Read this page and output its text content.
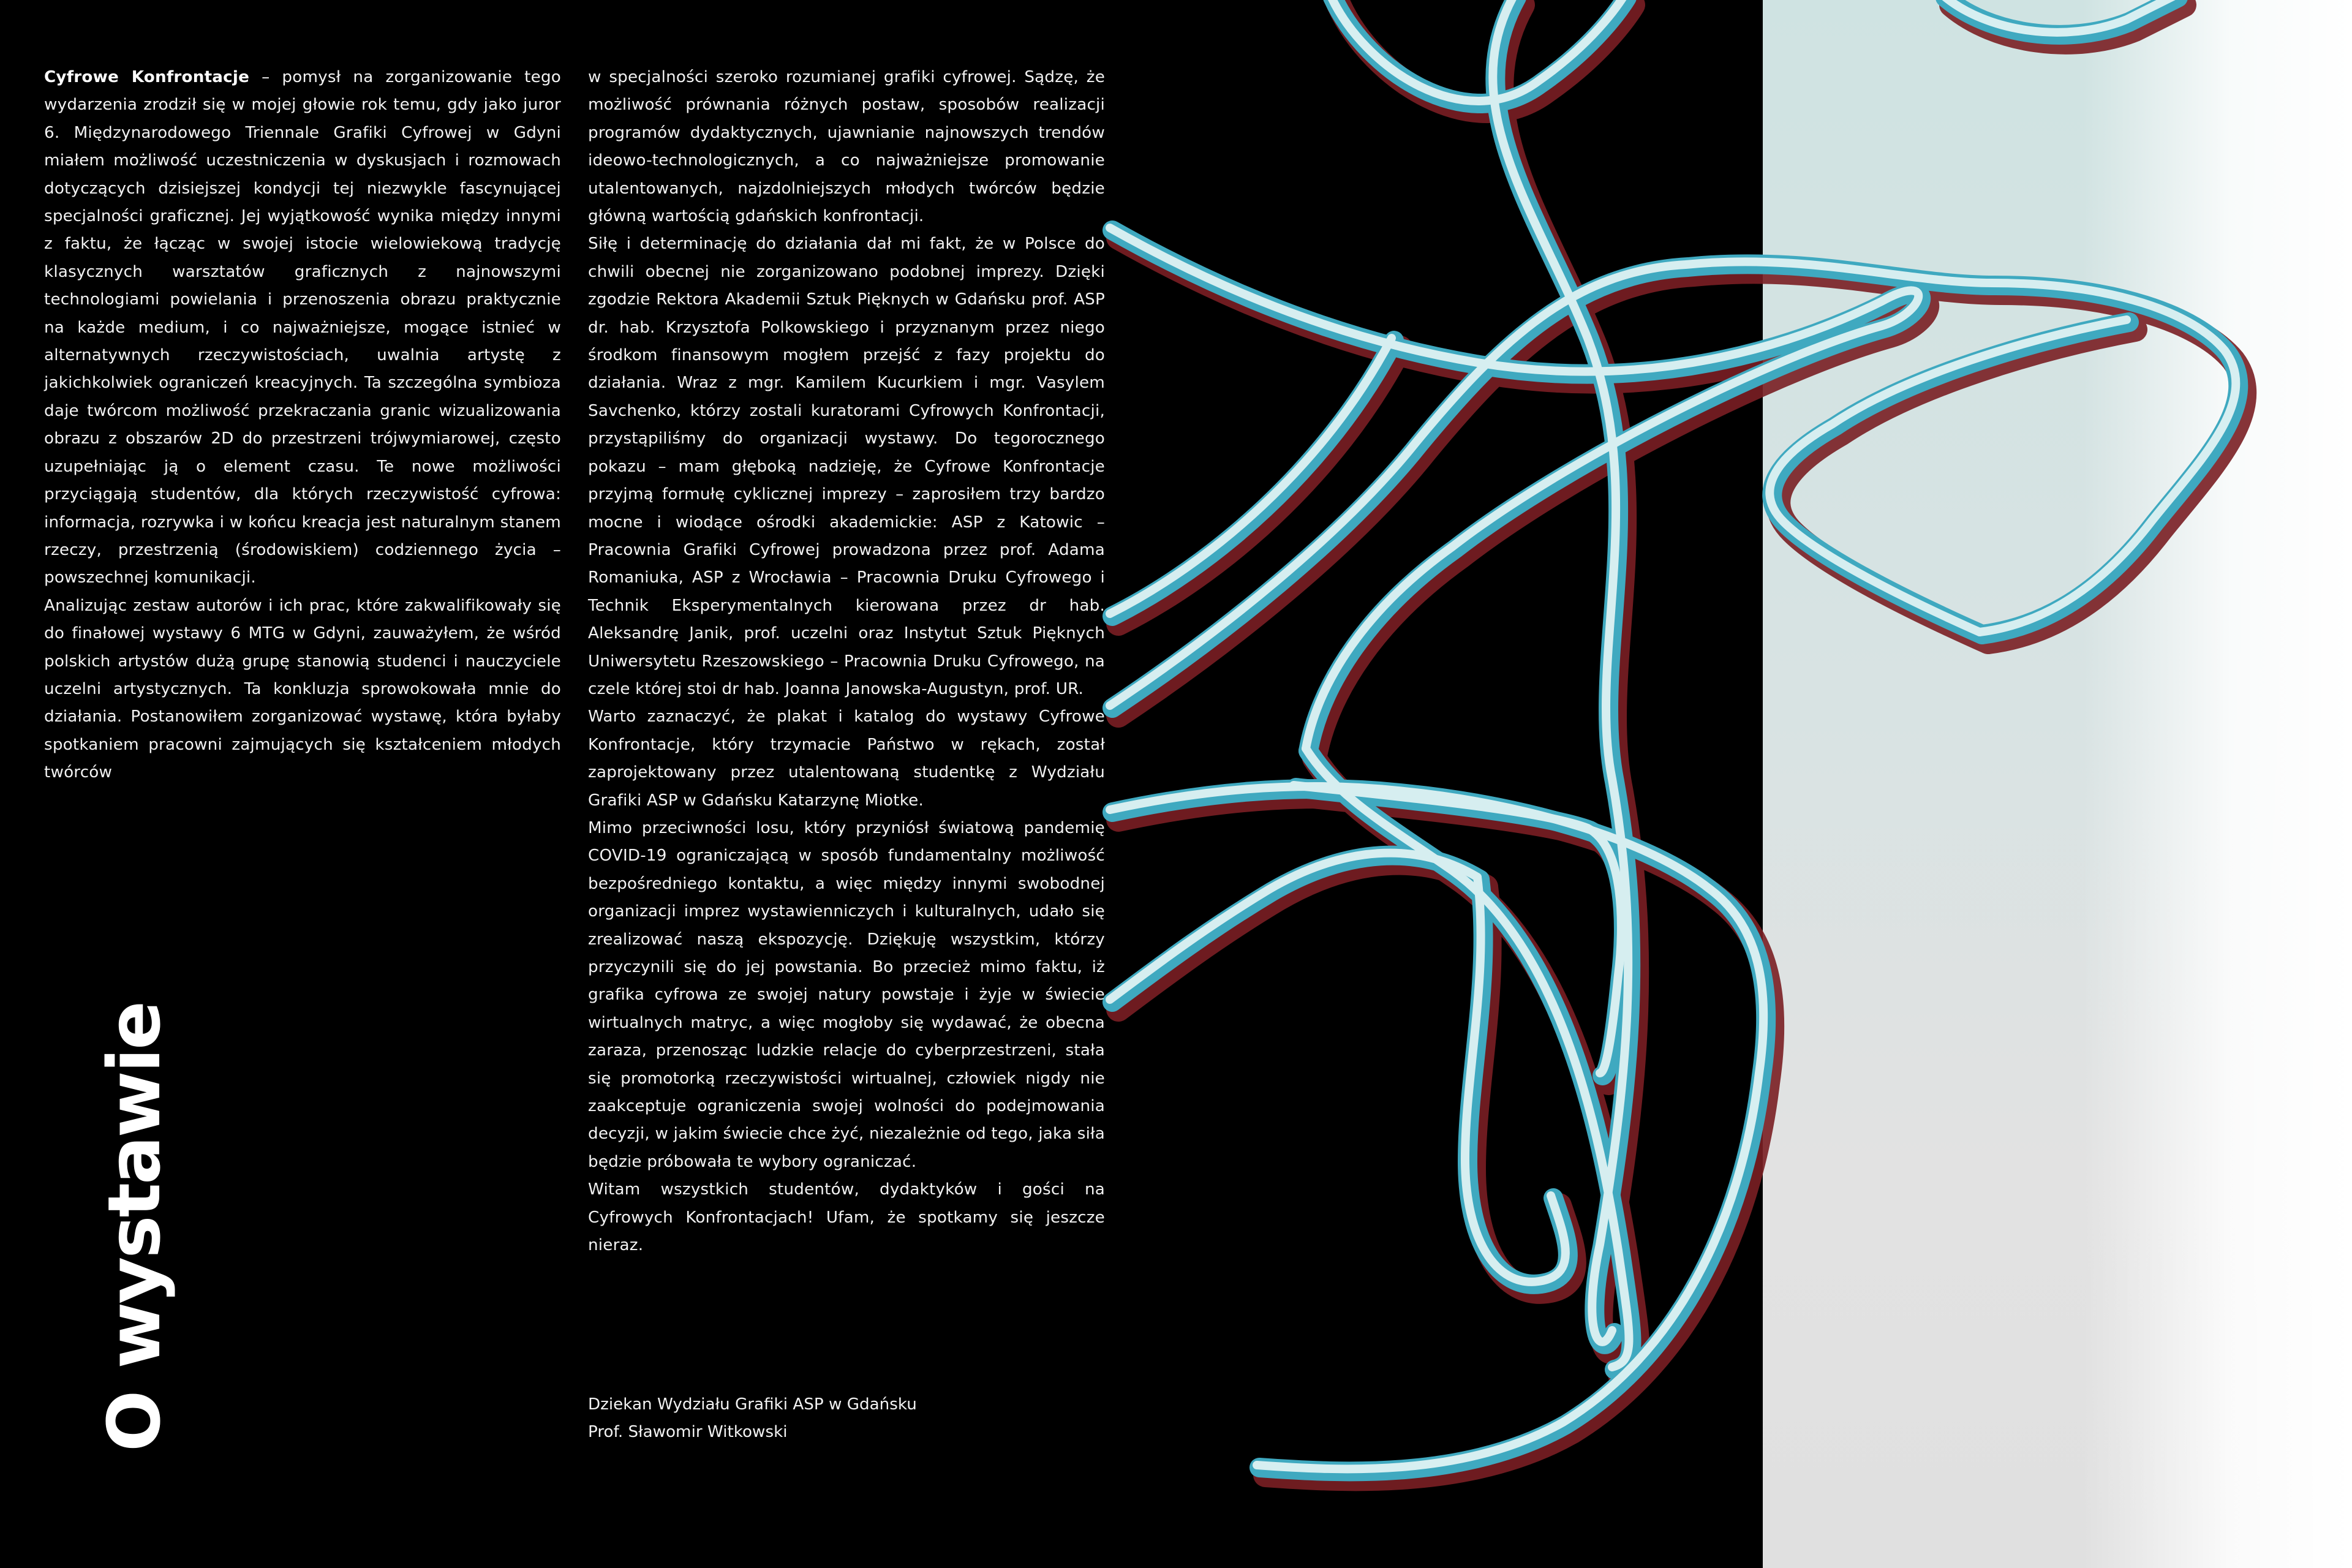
Cyfrowe Konfrontacje – pomysł na zorganizowanie tego wydarzenia zrodził się w mojej głowie rok temu, gdy jako juror 6. Międzynarodowego Triennale Grafiki Cyfrowej w Gdyni miałem możliwość uczestniczenia w dyskusjach i rozmowach dotyczących dzisiejszej kondycji tej niezwykle fascynującej specjalności graficznej. Jej wyjątkowość wynika między innymi z faktu, że łącząc w swojej istocie wielowiekową tradycję klasycznych warsztatów graficznych z najnowszymi technologiami powielania i przenoszenia obrazu praktycznie na każde medium, i co najważniejsze, mogące istnieć w alternatywnych rzeczywistościach, uwalnia artystę z jakichkolwiek ograniczeń kreacyjnych. Ta szczególna symbioza daje twórcom możliwość przekraczania granic wizualizowania obrazu z obszarów 2D do przestrzeni trójwymiarowej, często uzupełniając ją o element czasu. Te nowe możliwości przyciągają studentów, dla których rzeczywistość cyfrowa: informacja, rozrywka i w końcu kreacja jest naturalnym stanem rzeczy, przestrzenią (środowiskiem) codziennego życia – powszechnej komunikacji.

Analizując zestaw autorów i ich prac, które zakwalifikowały się do finałowej wystawy 6 MTG w Gdyni, zauważyłem, że wśród polskich artystów dużą grupę stanowią studenci i nauczyciele uczelni artystycznych. Ta konkluzja sprowokowała mnie do działania. Postanowiłem zorganizować wystawę, która byłaby spotkaniem pracowni zajmujących się kształceniem młodych twórców

w specjalności szeroko rozumianej grafiki cyfrowej. Sądzę, że możliwość prównania różnych postaw, sposobów realizacji programów dydaktycznych, ujawnianie najnowszych trendów ideowo-technologicznych, a co najważniejsze promowanie utalentowanych, najzdolniejszych młodych twórców będzie główną wartością gdańskich konfrontacji.

Siłę i determinację do działania dał mi fakt, że w Polsce do chwili obecnej nie zorganizowano podobnej imprezy. Dzięki zgodzie Rektora Akademii Sztuk Pięknych w Gdańsku prof. ASP dr. hab. Krzysztofa Polkowskiego i przyznanym przez niego środkom finansowym mogłem przejść z fazy projektu do działania. Wraz z mgr. Kamilem Kucurkiem i mgr. Vasylem Savchenko, którzy zostali kuratorami Cyfrowych Konfrontacji, przystąpiliśmy do organizacji wystawy. Do tegorocznego pokazu – mam głęboką nadzieję, że Cyfrowe Konfrontacje przyjmą formułę cyklicznej imprezy – zaprosiłem trzy bardzo mocne i wiodące ośrodki akademickie: ASP z Katowic – Pracownia Grafiki Cyfrowej prowadzona przez prof. Adama Romaniuka, ASP z Wrocławia – Pracownia Druku Cyfrowego i Technik Eksperymentalnych kierowana przez dr hab. Aleksandrę Janik, prof. uczelni oraz Instytut Sztuk Pięknych Uniwersytetu Rzeszowskiego – Pracownia Druku Cyfrowego, na czele której stoi dr hab. Joanna Janowska-Augustyn, prof. UR.

Warto zaznaczyć, że plakat i katalog do wystawy Cyfrowe Konfrontacje, który trzymacie Państwo w rękach, został zaprojektowany przez utalentowaną studentkę z Wydziału Grafiki ASP w Gdańsku Katarzynę Miotke.

Mimo przeciwności losu, który przyniósł światową pandemię COVID-19 ograniczającą w sposób fundamentalny możliwość bezpośredniego kontaktu, a więc między innymi swobodnej organizacji imprez wystawienniczych i kulturalnych, udało się zrealizować naszą ekspozycję. Dziękuję wszystkim, którzy przyczynili się do jej powstania. Bo przecież mimo faktu, iż grafika cyfrowa ze swojej natury powstaje i żyje w świecie wirtualnych matryc, a więc mogłoby się wydawać, że obecna zaraza, przenosząc ludzkie relacje do cyberprzestrzeni, stała się promotorką rzeczywistości wirtualnej, człowiek nigdy nie zaakceptuje ograniczenia swojej wolności do podejmowania decyzji, w jakim świecie chce żyć, niezależnie od tego, jaka siła będzie próbowała te wybory ograniczać.

Witam wszystkich studentów, dydaktyków i gości na Cyfrowych Konfrontacjach! Ufam, że spotkamy się jeszcze nieraz.

Dziekan Wydziału Grafiki ASP w Gdańsku
Prof. Sławomir Witkowski
O wystawie
